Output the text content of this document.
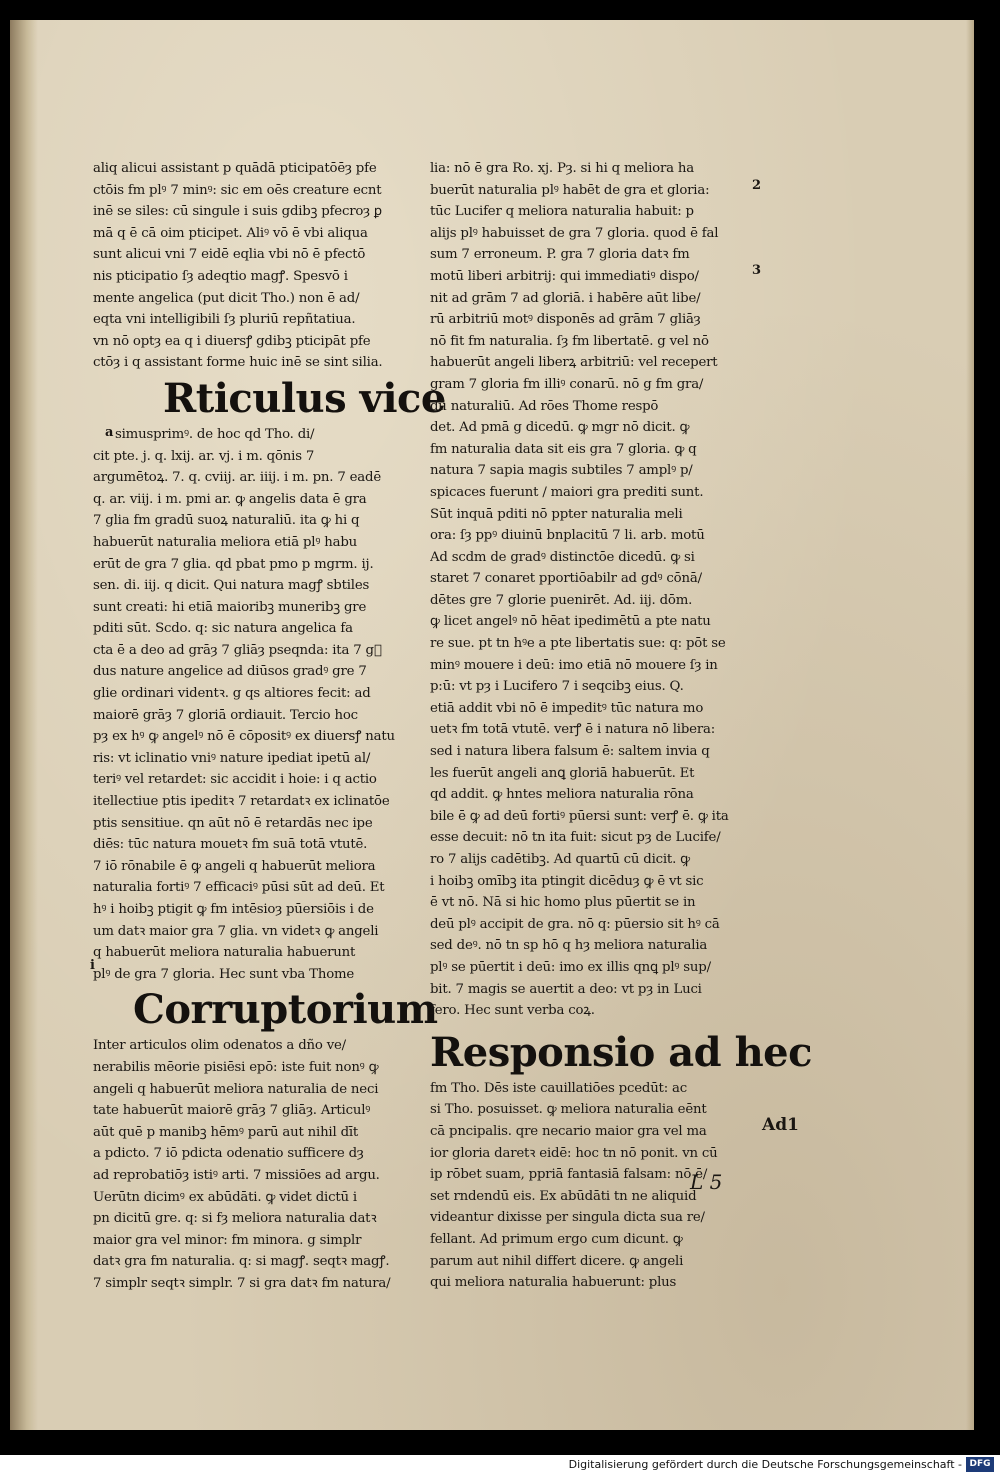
aliq alicui assistant p quādā pticipatōēȝ pfe
ctōis fm plꝰ 7 minꝰ: sic em oēs creature ecnt
inē se siles: cū singule i suis gdibꝫ pfecroȝ ꝑ
mā q ē cā oim pticipet. Aliꝰ vō ē vbi aliqua
sunt alicui vni 7 eidē eqlia vbi nō ē pfectō
nis pticipatio ſȝ adeqtio magꝭ. Spesvō i
mente angelica (put dicit Tho.) non ē ad/
eqta vni intelligibili ſȝ pluriū repñtatiua.
vn nō optȝ ea q i diuersꝭ gdibꝫ pticipāt pfe
ctōȝ i q assistant forme huic inē se sint silia.
Rticulus vice
simusprimꝰ. de hoc qd Tho. di/
cit pte. j. q. lxij. ar. vj. i m. qōnis 7
argumētoꝝ. 7. q. cviij. ar. iiij. i m. pn. 7 eadē
q. ar. viij. i m. pmi ar. ꝙ angelis data ē gra
7 glia fm gradū suoꝝ naturaliū. ita ꝙ hi q
habuerūt naturalia meliora etiā plꝰ habu
erūt de gra 7 glia. qd pbat pmo p mgrm. ij.
sen. di. iij. q dicit. Qui natura magꝭ sbtiles
sunt creati: hi etiā maioribꝫ muneribꝫ gre
pditi sūt. Scdo. q: sic natura angelica fa
cta ē a deo ad grāȝ 7 gliāȝ pseqnda: ita 7 gᷓ
dus nature angelice ad diūsos gradꝰ gre 7
glie ordinari videntꝛ. g qs altiores fecit: ad
maiorē grāȝ 7 gloriā ordiauit. Tercio hoc
pȝ ex hꝰ ꝙ angelꝰ nō ē cōpositꝰ ex diuersꝭ natu
ris: vt iclinatio vniꝰ nature ipediat ipetū al/
teriꝰ vel retardet: sic accidit i hoie: i q actio
itellectiue ptis ipeditꝛ 7 retardatꝛ ex iclinatōe
ptis sensitiue. qn aūt nō ē retardās nec ipe
diēs: tūc natura mouetꝛ fm suā totā vtutē.
7 iō rōnabile ē ꝙ angeli q habuerūt meliora
naturalia fortiꝰ 7 efficaciꝰ pūsi sūt ad deū. Et
hꝰ i hoibꝫ ptigit ꝙ fm intēsioȝ pūersiōis i de
um datꝛ maior gra 7 glia. vn videtꝛ ꝙ angeli
q habuerūt meliora naturalia habuerunt
plꝰ de gra 7 gloria. Hec sunt vba Thome
Corruptorium
Inter articulos olim odenatos a dño ve/
nerabilis mēorie pisiēsi epō: iste fuit nonꝰ ꝙ
angeli q habuerūt meliora naturalia de neci
tate habuerūt maiorē grāȝ 7 gliāȝ. Articulꝰ
aūt quē p manibꝫ hēmꝰ parū aut nihil dīt
a pdicto. 7 iō pdicta odenatio sufficere dȝ
ad reprobatiōȝ istiꝰ arti. 7 missiōes ad argu.
Uerūtn dicimꝰ ex abūdāti. ꝙ videt dictū i
pn dicitū gre. q: si fȝ meliora naturalia datꝛ
maior gra vel minor: fm minora. g simplr
datꝛ gra fm naturalia. q: si magꝭ. seqtꝛ magꝭ.
7 simplr seqtꝛ simplr. 7 si gra datꝛ fm natura/
lia: nō ē gra Ro. xj. Pȝ. si hi q meliora ha
buerūt naturalia plꝰ habēt de gra et gloria:
tūc Lucifer q meliora naturalia habuit: p
alijs plꝰ habuisset de gra 7 gloria. quod ē fal
sum 7 erroneum. P. gra 7 gloria datꝛ fm
motū liberi arbitrij: qui immediatiꝰ dispo/
nit ad grām 7 ad gloriā. i habēre aūt libe/
rū arbitriū motꝰ disponēs ad grām 7 gliāȝ
nō fit fm naturalia. ſȝ fm libertatē. g vel nō
habuerūt angeli liberꝝ arbitriū: vel recepert
gram 7 gloria fm illiꝰ conarū. nō g fm gra/
dū naturaliū. Ad rōes Thome respō
det. Ad pmā g dicedū. ꝙ mgr nō dicit. ꝙ
fm naturalia data sit eis gra 7 gloria. ꝙ q
natura 7 sapia magis subtiles 7 amplꝰ p/
spicaces fuerunt / maiori gra prediti sunt.
Sūt inquā pditi nō ppter naturalia meli
ora: ſȝ ppꝰ diuinū bnplacitū 7 li. arb. motū
Ad scdm de gradꝰ distinctōe dicedū. ꝙ si
staret 7 conaret pportiōabilr ad gdꝰ cōnā/
dētes gre 7 glorie puenirēt. Ad. iij. dōm.
ꝙ licet angelꝰ nō hēat ipedimētū a pte natu
re sue. pt tn hꝰe a pte libertatis sue: q: pōt se
minꝰ mouere i deū: imo etiā nō mouere ſȝ in
p:ū: vt pȝ i Lucifero 7 i seqcibꝫ eius. Q.
etiā addit vbi nō ē impeditꝰ tūc natura mo
uetꝛ fm totā vtutē. verꝭ ē i natura nō libera:
sed i natura libera falsum ē: saltem invia q
les fuerūt angeli anꝗ gloriā habuerūt. Et
qd addit. ꝙ hntes meliora naturalia rōna
bile ē ꝙ ad deū fortiꝰ pūersi sunt: verꝭ ē. ꝙ ita
esse decuit: nō tn ita fuit: sicut pȝ de Lucife/
ro 7 alijs cadētibꝫ. Ad quartū cū dicit. ꝙ
i hoibꝫ omībꝫ ita ptingit dicēduȝ ꝙ ē vt sic
ē vt nō. Nā si hic homo plus pūertit se in
deū plꝰ accipit de gra. nō q: pūersio sit hꝰ cā
sed deꝰ. nō tn sp hō q hȝ meliora naturalia
plꝰ se pūertit i deū: imo ex illis qnꝗ plꝰ sup/
bit. 7 magis se auertit a deo: vt pȝ in Luci
fero. Hec sunt verba coꝝ.
Responsio ad hec
fm Tho. Dēs iste cauillatiōes pcedūt: ac
si Tho. posuisset. ꝙ meliora naturalia eēnt
cā pncipalis. qre necario maior gra vel ma
ior gloria daretꝛ eidē: hoc tn nō ponit. vn cū
ip rōbet suam, ppriā fantasiā falsam: nō ē/
set rndendū eis. Ex abūdāti tn ne aliquid
videantur dixisse per singula dicta sua re/
fellant. Ad primum ergo cum dicunt. ꝙ
parum aut nihil differt dicere. ꝙ angeli
qui meliora naturalia habuerunt: plus
2
3
a
i
Ad1
L 5
Digitalisierung gefördert durch die Deutsche Forschungsgemeinschaft - DFG
